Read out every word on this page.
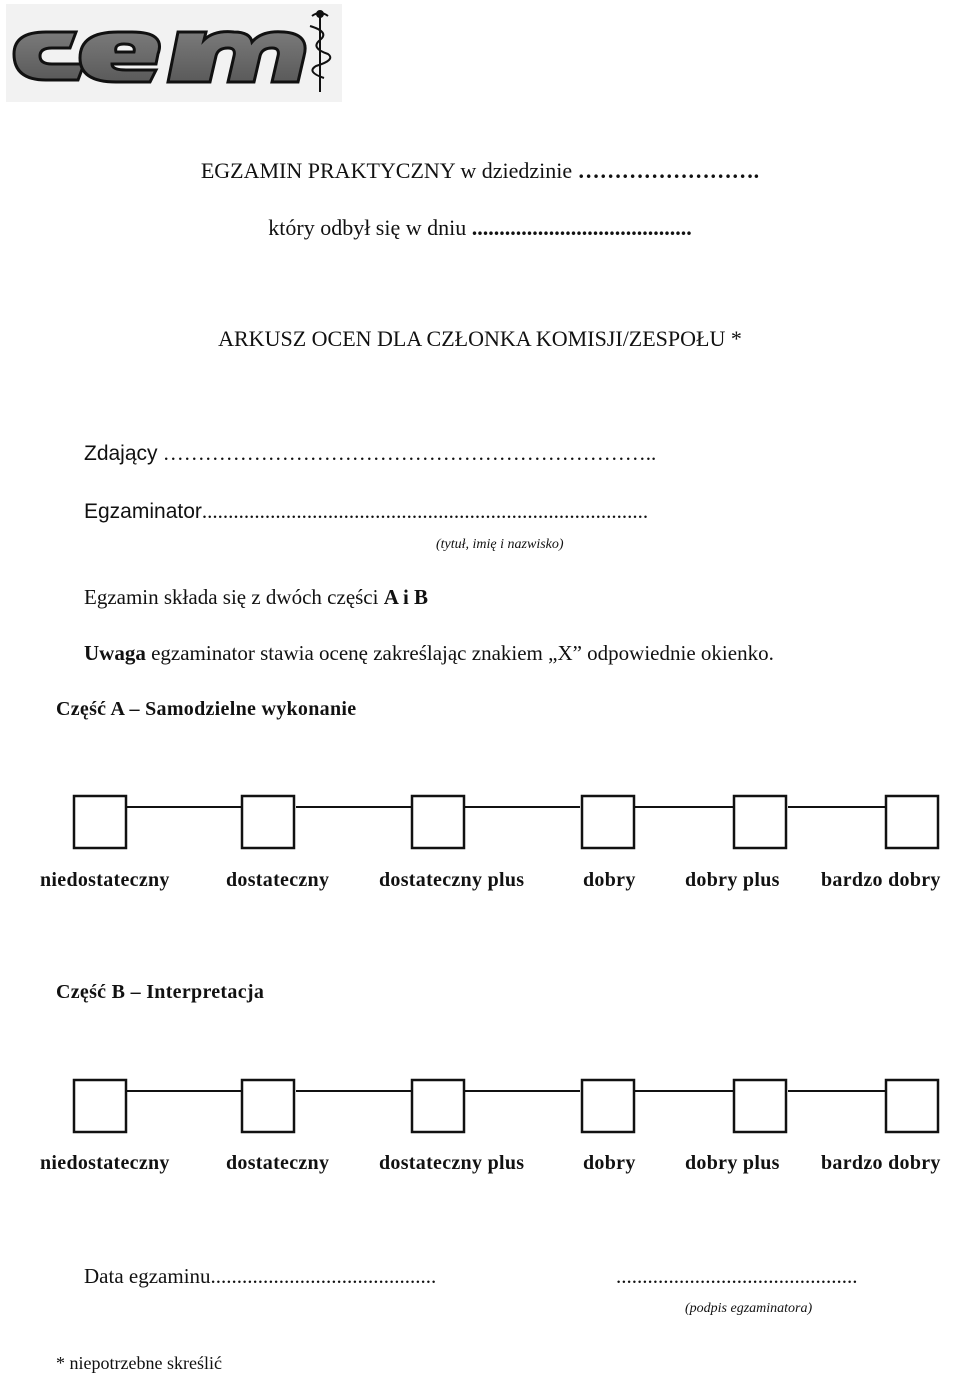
EGZAMIN PRAKTYCZNY w dziedzinie …………………….
który odbył się w dniu ........................................
ARKUSZ OCEN DLA CZŁONKA KOMISJI/ZESPOŁU *
Zdający ……………………………………………………………..
Egzaminator.....................................................................................
(tytuł, imię i nazwisko)
Egzamin składa się z dwóch części A i B
Uwaga egzaminator stawia ocenę zakreślając znakiem „X” odpowiednie okienko.
Część A – Samodzielne wykonanie
niedostateczny	dostateczny dostateczny plus	dobry dobry plus bardzo dobry
Część B – Interpretacja
niedostateczny	dostateczny dostateczny plus	dobry dobry plus bardzo dobry
Data egzaminu...........................................	..............................................
(podpis egzaminatora)
* niepotrzebne skreślić
